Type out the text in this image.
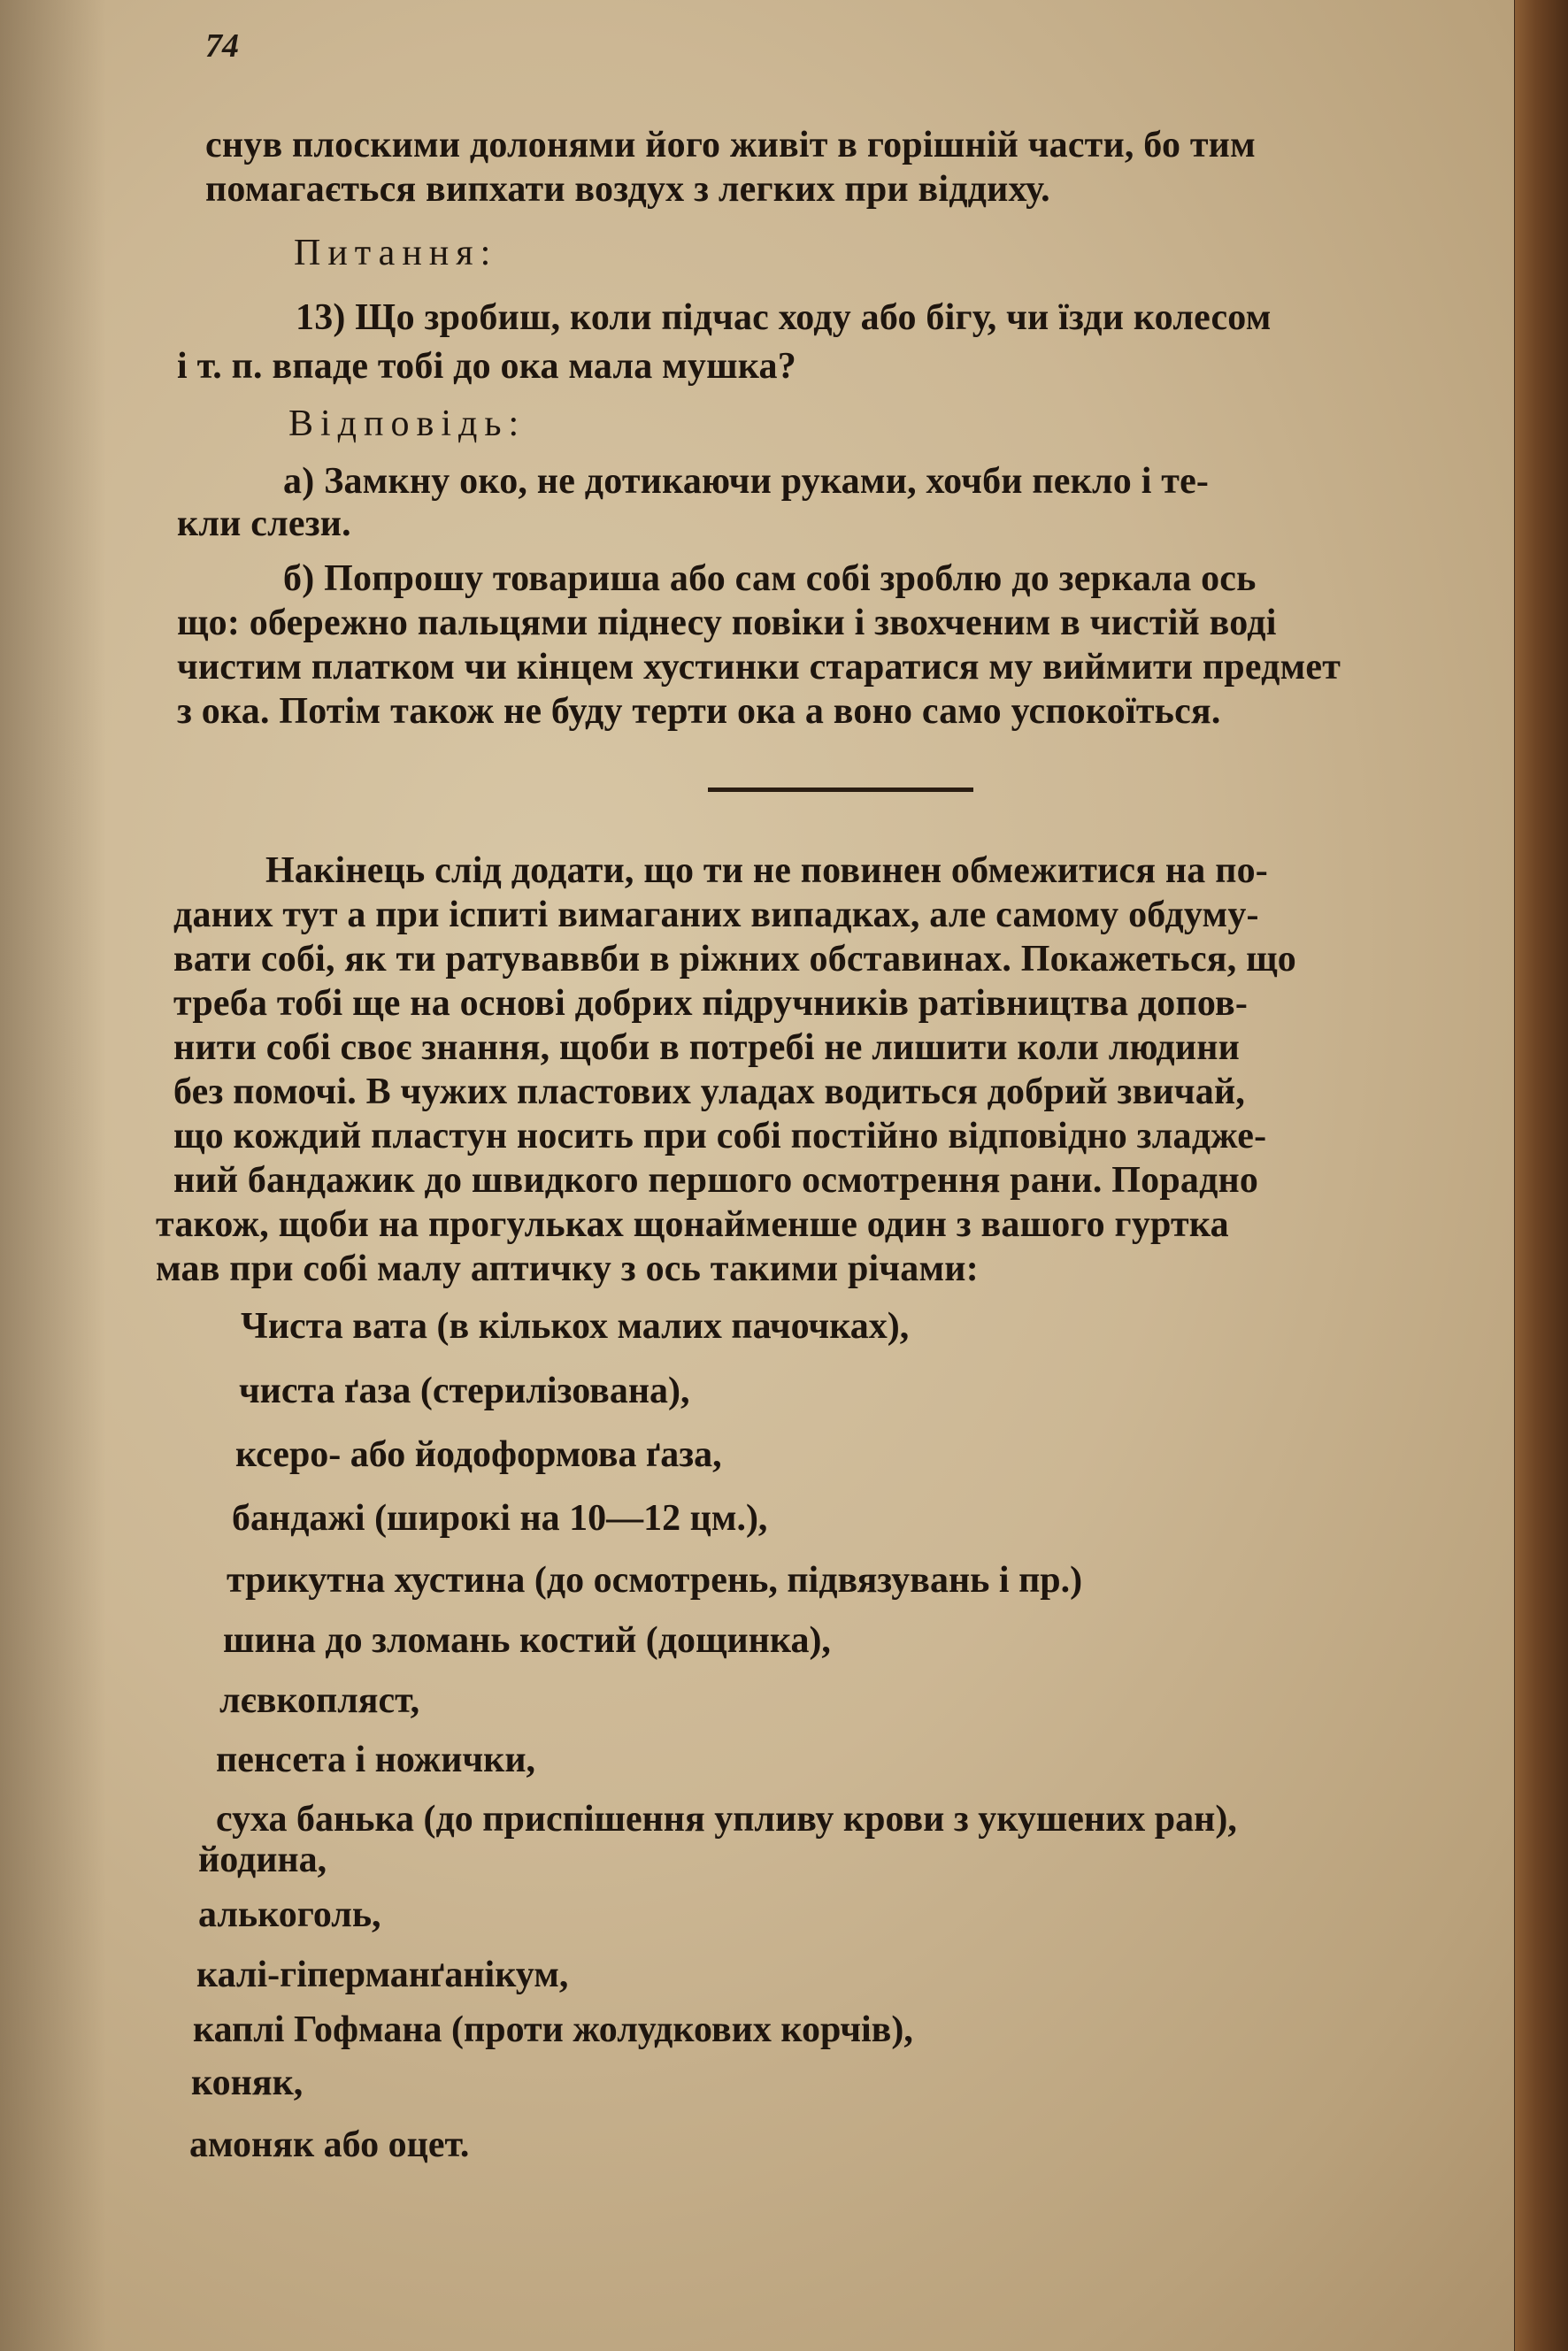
74
снув плоскими долонями його живіт в горішній части, бо тим
помагається випхати воздух з легких при віддиху.
Питання:
13) Що зробиш, коли підчас ходу або бігу, чи їзди колесом
і т. п. впаде тобі до ока мала мушка?
Відповідь:
а) Замкну око, не дотикаючи руками, хочби пекло і те-
кли слези.
б) Попрошу товариша або сам собі зроблю до зеркала ось
що: обережно пальцями піднесу повіки і звохченим в чистій воді
чистим платком чи кінцем хустинки старатися му виймити предмет
з ока. Потім також не буду терти ока а воно само успокоїться.
Накінець слід додати, що ти не повинен обмежитися на по-
даних тут а при іспиті вимаганих випадках, але самому обдуму-
вати собі, як ти ратуваввби в ріжних обставинах. Покажеться, що
треба тобі ще на основі добрих підручників ратівництва допов-
нити собі своє знання, щоби в потребі не лишити коли людини
без помочі. В чужих пластових уладах водиться добрий звичай,
що кождий пластун носить при собі постійно відповідно зладже-
ний бандажик до швидкого першого осмотрення рани. Порадно
також, щоби на прогульках щонайменше один з вашого гуртка
мав при собі малу аптичку з ось такими річами:
Чиста вата (в кількох малих пачочках),
чиста ґаза (стерилізована),
ксеро- або йодоформова ґаза,
бандажі (широкі на 10—12 цм.),
трикутна хустина (до осмотрень, підвязувань і пр.)
шина до зломань костий (дощинка),
лєвкопляст,
пенсета і ножички,
суха банька (до приспішення упливу крови з укушених ран),
йодина,
алькоголь,
калі-гіперманґанікум,
каплі Гофмана (проти жолудкових корчів),
коняк,
амоняк або оцет.
